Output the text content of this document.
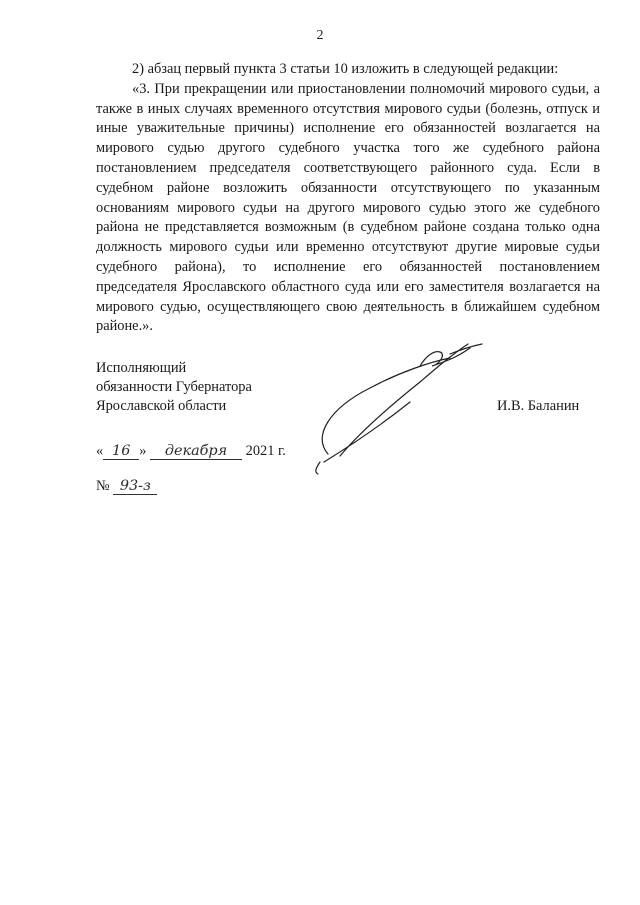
2

2) абзац первый пункта 3 статьи 10 изложить в следующей редакции:

«3. При прекращении или приостановлении полномочий мирового судьи, а также в иных случаях временного отсутствия мирового судьи (болезнь, отпуск и иные уважительные причины) исполнение его обязанностей возлагается на мирового судью другого судебного участка того же судебного района постановлением председателя соответствующего районного суда. Если в судебном районе возложить обязанности отсутствующего по указанным основаниям мирового судьи на другого мирового судью этого же судебного района не представляется возможным (в судебном районе создана только одна должность мирового судьи или временно отсутствуют другие мировые судьи судебного района), то исполнение его обязанностей постановлением председателя Ярославского областного суда или его заместителя возлагается на мирового судью, осуществляющего свою деятельность в ближайшем судебном районе.».

Исполняющий
обязанности Губернатора
Ярославской области	И.В. Баланин
« 16 » декабря 2021 г.
№ 93-з
